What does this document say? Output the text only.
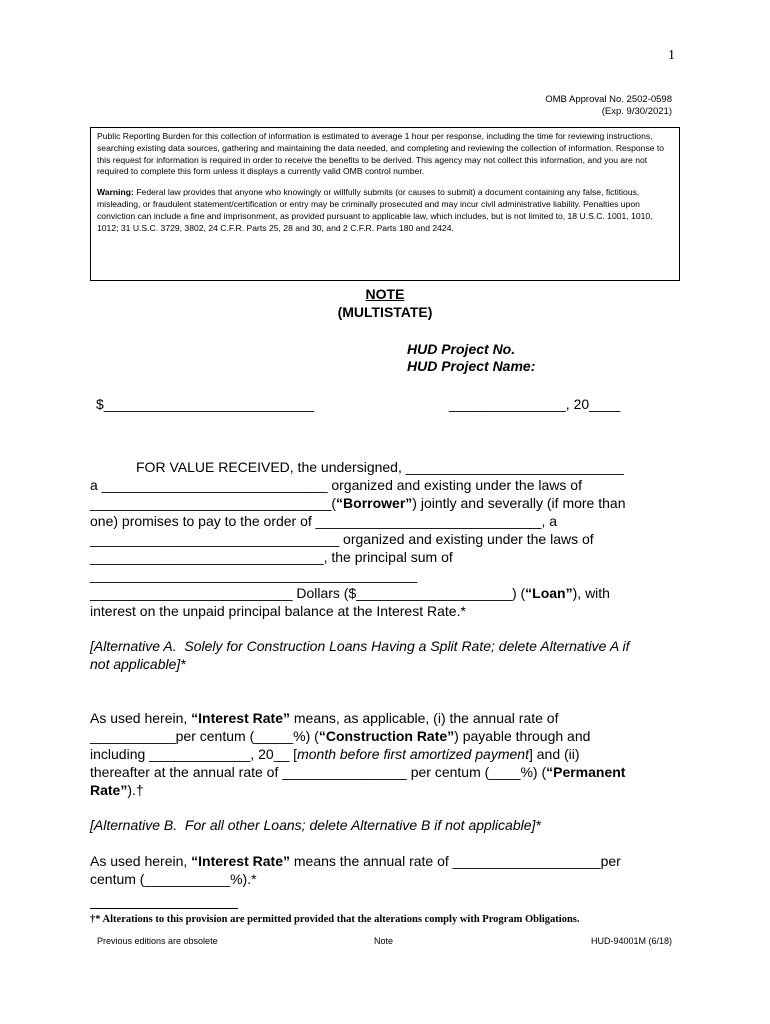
1
OMB Approval No. 2502-0598
(Exp. 9/30/2021)

Public Reporting Burden for this collection of information is estimated to average 1 hour per response, including the time for reviewing instructions, searching existing data sources, gathering and maintaining the data needed, and completing and reviewing the collection of information. Response to this request for information is required in order to receive the benefits to be derived. This agency may not collect this information, and you are not required to complete this form unless it displays a currently valid OMB control number.

Warning: Federal law provides that anyone who knowingly or willfully submits (or causes to submit) a document containing any false, fictitious, misleading, or fraudulent statement/certification or entry may be criminally prosecuted and may incur civil administrative liability. Penalties upon conviction can include a fine and imprisonment, as provided pursuant to applicable law, which includes, but is not limited to, 18 U.S.C. 1001, 1010, 1012; 31 U.S.C. 3729, 3802, 24 C.F.R. Parts 25, 28 and 30, and 2 C.F.R. Parts 180 and 2424.

NOTE
(MULTISTATE)
HUD Project No.
HUD Project Name:
$___________________________	_______________, 20____
FOR VALUE RECEIVED, the undersigned, ____________________________
a _____________________________ organized and existing under the laws of
_______________________________(“Borrower”) jointly and severally (if more than
one) promises to pay to the order of _____________________________, a
________________________________ organized and existing under the laws of
______________________________, the principal sum of
__________________________________________
__________________________ Dollars ($____________________) (“Loan”), with
interest on the unpaid principal balance at the Interest Rate.*
[Alternative A.  Solely for Construction Loans Having a Split Rate; delete Alternative A if
not applicable]*
As used herein, “Interest Rate” means, as applicable, (i) the annual rate of
___________per centum (_____%) (“Construction Rate”) payable through and
including _____________, 20__ [month before first amortized payment] and (ii)
thereafter at the annual rate of ________________ per centum (____%) (“Permanent
Rate”).†
[Alternative B.  For all other Loans; delete Alternative B if not applicable]*
As used herein, “Interest Rate” means the annual rate of ___________________per
centum (___________%).*
†* Alterations to this provision are permitted provided that the alterations comply with Program Obligations.
Previous editions are obsolete	Note	HUD-94001M (6/18)
